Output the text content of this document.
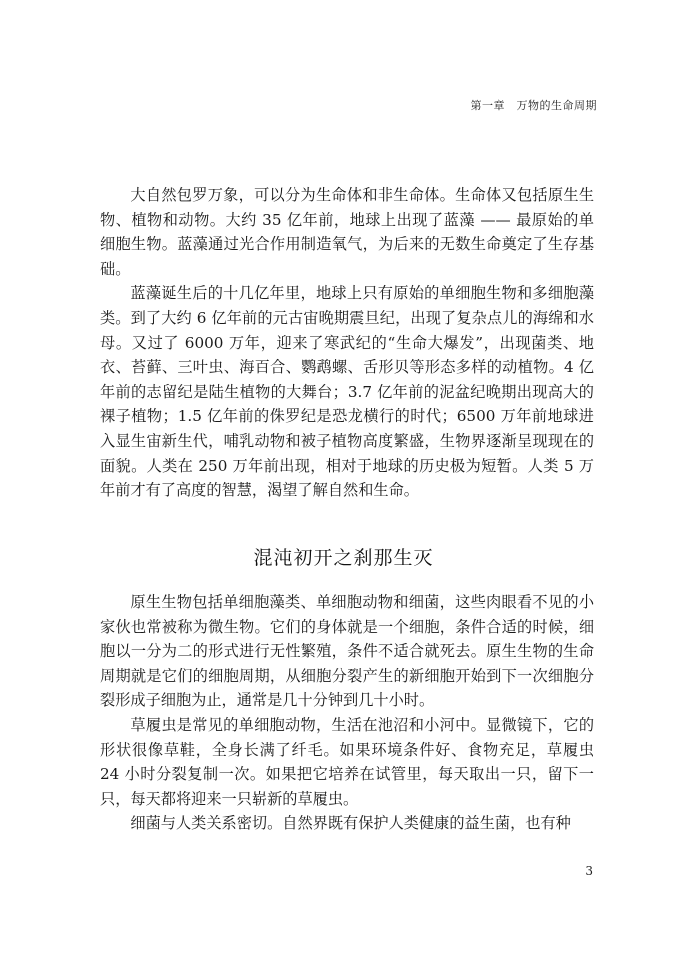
第一章　万物的生命周期

大自然包罗万象，可以分为生命体和非生命体。生命体又包括原生生物、植物和动物。大约 35 亿年前，地球上出现了蓝藻 —— 最原始的单细胞生物。蓝藻通过光合作用制造氧气，为后来的无数生命奠定了生存基础。

蓝藻诞生后的十几亿年里，地球上只有原始的单细胞生物和多细胞藻类。到了大约 6 亿年前的元古宙晚期震旦纪，出现了复杂点儿的海绵和水母。又过了 6000 万年，迎来了寒武纪的“生命大爆发”，出现菌类、地衣、苔藓、三叶虫、海百合、鹦鹉螺、舌形贝等形态多样的动植物。4 亿年前的志留纪是陆生植物的大舞台；3.7 亿年前的泥盆纪晚期出现高大的裸子植物；1.5 亿年前的侏罗纪是恐龙横行的时代；6500 万年前地球进入显生宙新生代，哺乳动物和被子植物高度繁盛，生物界逐渐呈现现在的面貌。人类在 250 万年前出现，相对于地球的历史极为短暂。人类 5 万年前才有了高度的智慧，渴望了解自然和生命。

混沌初开之刹那生灭

原生生物包括单细胞藻类、单细胞动物和细菌，这些肉眼看不见的小家伙也常被称为微生物。它们的身体就是一个细胞，条件合适的时候，细胞以一分为二的形式进行无性繁殖，条件不适合就死去。原生生物的生命周期就是它们的细胞周期，从细胞分裂产生的新细胞开始到下一次细胞分裂形成子细胞为止，通常是几十分钟到几十小时。

草履虫是常见的单细胞动物，生活在池沼和小河中。显微镜下，它的形状很像草鞋，全身长满了纤毛。如果环境条件好、食物充足，草履虫 24 小时分裂复制一次。如果把它培养在试管里，每天取出一只，留下一只，每天都将迎来一只崭新的草履虫。

细菌与人类关系密切。自然界既有保护人类健康的益生菌，也有种

3
